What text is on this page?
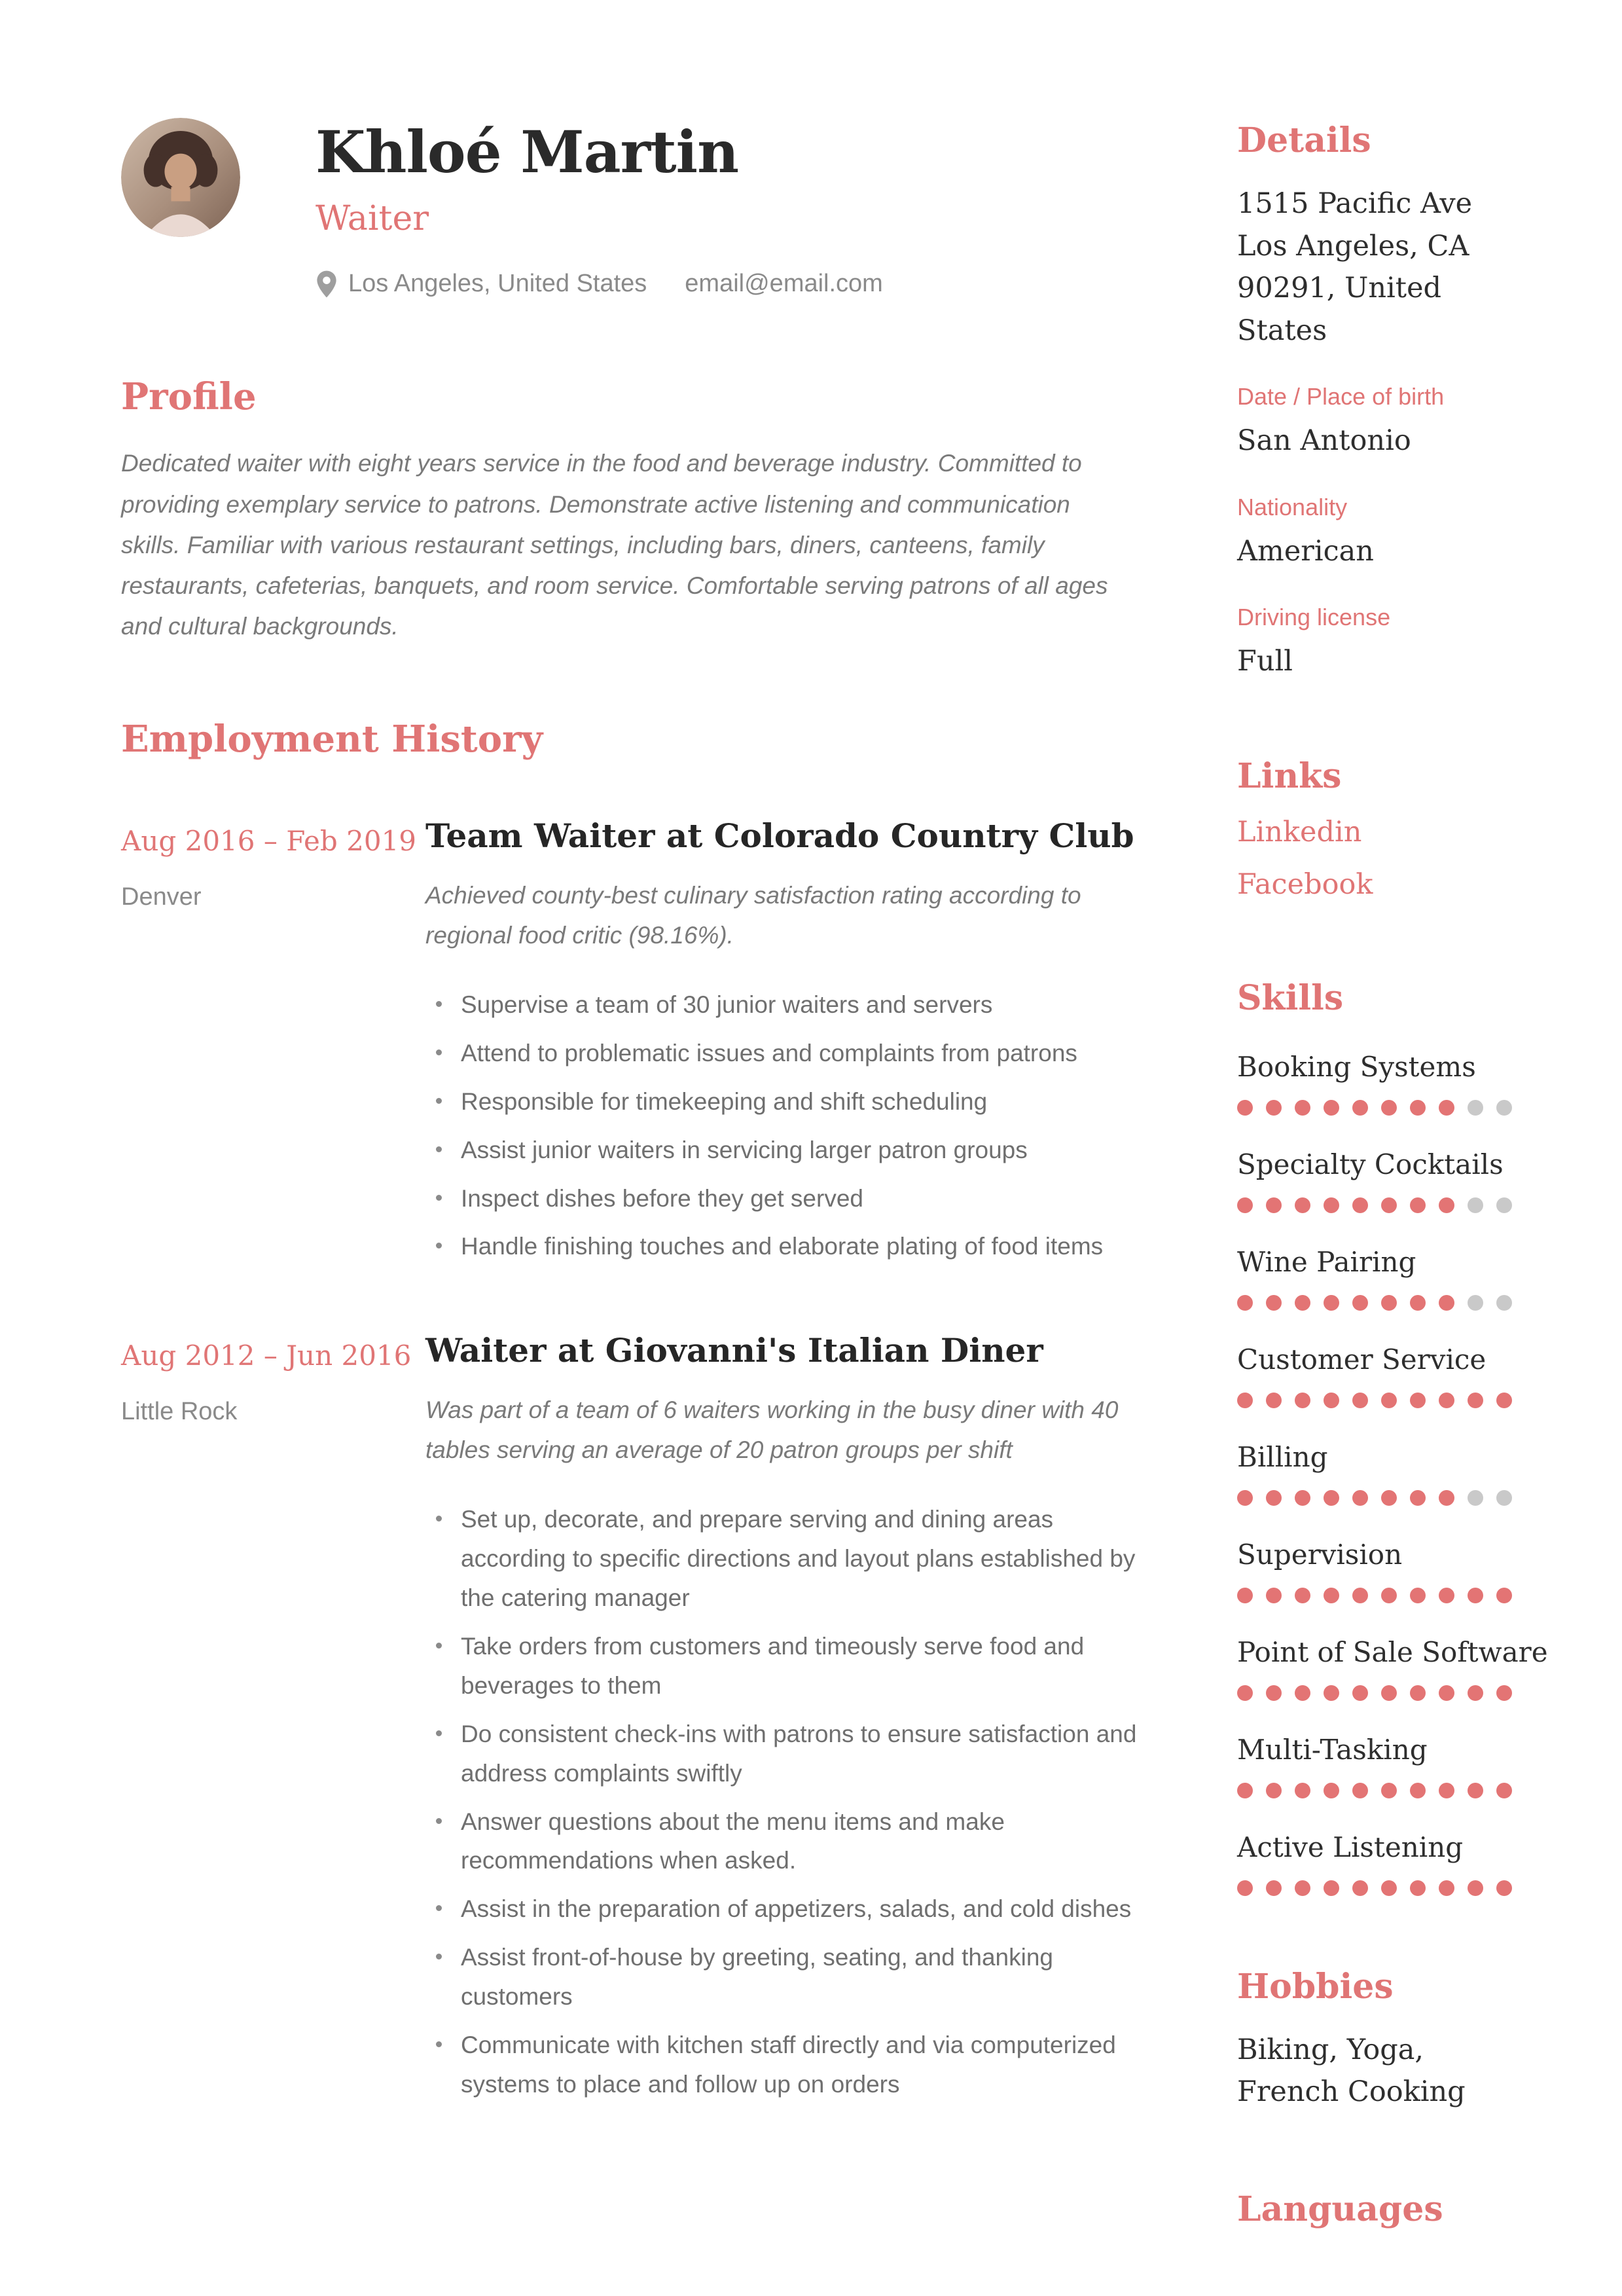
Khloé Martin
Waiter
Los Angeles, United States email@email.com
Profile
Dedicated waiter with eight years service in the food and beverage industry. Committed to providing exemplary service to patrons. Demonstrate active listening and communication skills. Familiar with various restaurant settings, including bars, diners, canteens, family restaurants, cafeterias, banquets, and room service. Comfortable serving patrons of all ages and cultural backgrounds.
Employment History
Aug 2016 – Feb 2019
Denver
Team Waiter at Colorado Country Club
Achieved county-best culinary satisfaction rating according to regional food critic (98.16%).
Supervise a team of 30 junior waiters and servers
Attend to problematic issues and complaints from patrons
Responsible for timekeeping and shift scheduling
Assist junior waiters in servicing larger patron groups
Inspect dishes before they get served
Handle finishing touches and elaborate plating of food items
Aug 2012 – Jun 2016
Little Rock
Waiter at Giovanni's Italian Diner
Was part of a team of 6 waiters working in the busy diner with 40 tables serving an average of 20 patron groups per shift
Set up, decorate, and prepare serving and dining areas according to specific directions and layout plans established by the catering manager
Take orders from customers and timeously serve food and beverages to them
Do consistent check-ins with patrons to ensure satisfaction and address complaints swiftly
Answer questions about the menu items and make recommendations when asked.
Assist in the preparation of appetizers, salads, and cold dishes
Assist front-of-house by greeting, seating, and thanking customers
Communicate with kitchen staff directly and via computerized systems to place and follow up on orders
Details
1515 Pacific Ave
Los Angeles, CA 90291, United States
Date / Place of birth
San Antonio
Nationality
American
Driving license
Full
Links
Linkedin
Facebook
Skills
Booking Systems
Specialty Cocktails
Wine Pairing
Customer Service
Billing
Supervision
Point of Sale Software
Multi-Tasking
Active Listening
Hobbies
Biking, Yoga, French Cooking
Languages
